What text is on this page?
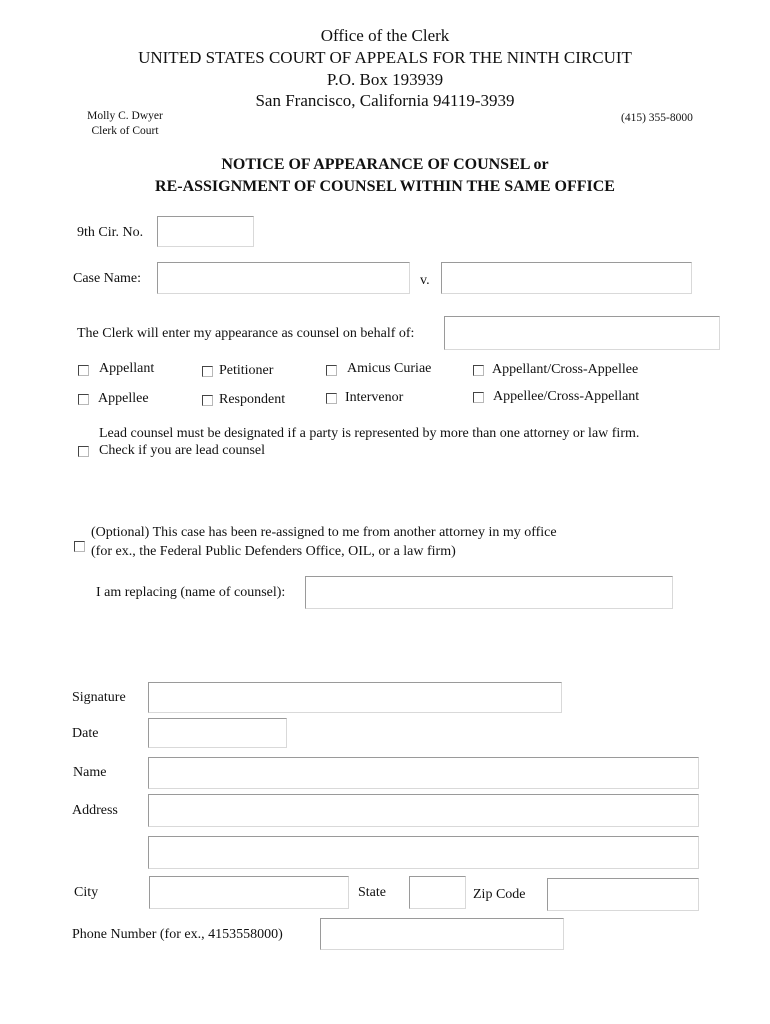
Office of the Clerk
UNITED STATES COURT OF APPEALS FOR THE NINTH CIRCUIT
P.O. Box 193939
San Francisco, California 94119-3939
Molly C. Dwyer
Clerk of Court
(415) 355-8000
NOTICE OF APPEARANCE OF COUNSEL or
RE-ASSIGNMENT OF COUNSEL WITHIN THE SAME OFFICE
9th Cir. No.
Case Name:	v.
The Clerk will enter my appearance as counsel on behalf of:
Appellant	Petitioner	Amicus Curiae	Appellant/Cross-Appellee
Appellee	Respondent	Intervenor	Appellee/Cross-Appellant
Lead counsel must be designated if a party is represented by more than one attorney or law firm.
Check if you are lead counsel
(Optional) This case has been re-assigned to me from another attorney in my office
(for ex., the Federal Public Defenders Office, OIL, or a law firm)
I am replacing (name of counsel):
Signature
Date
Name
Address
City	State	Zip Code
Phone Number (for ex., 4153558000)
